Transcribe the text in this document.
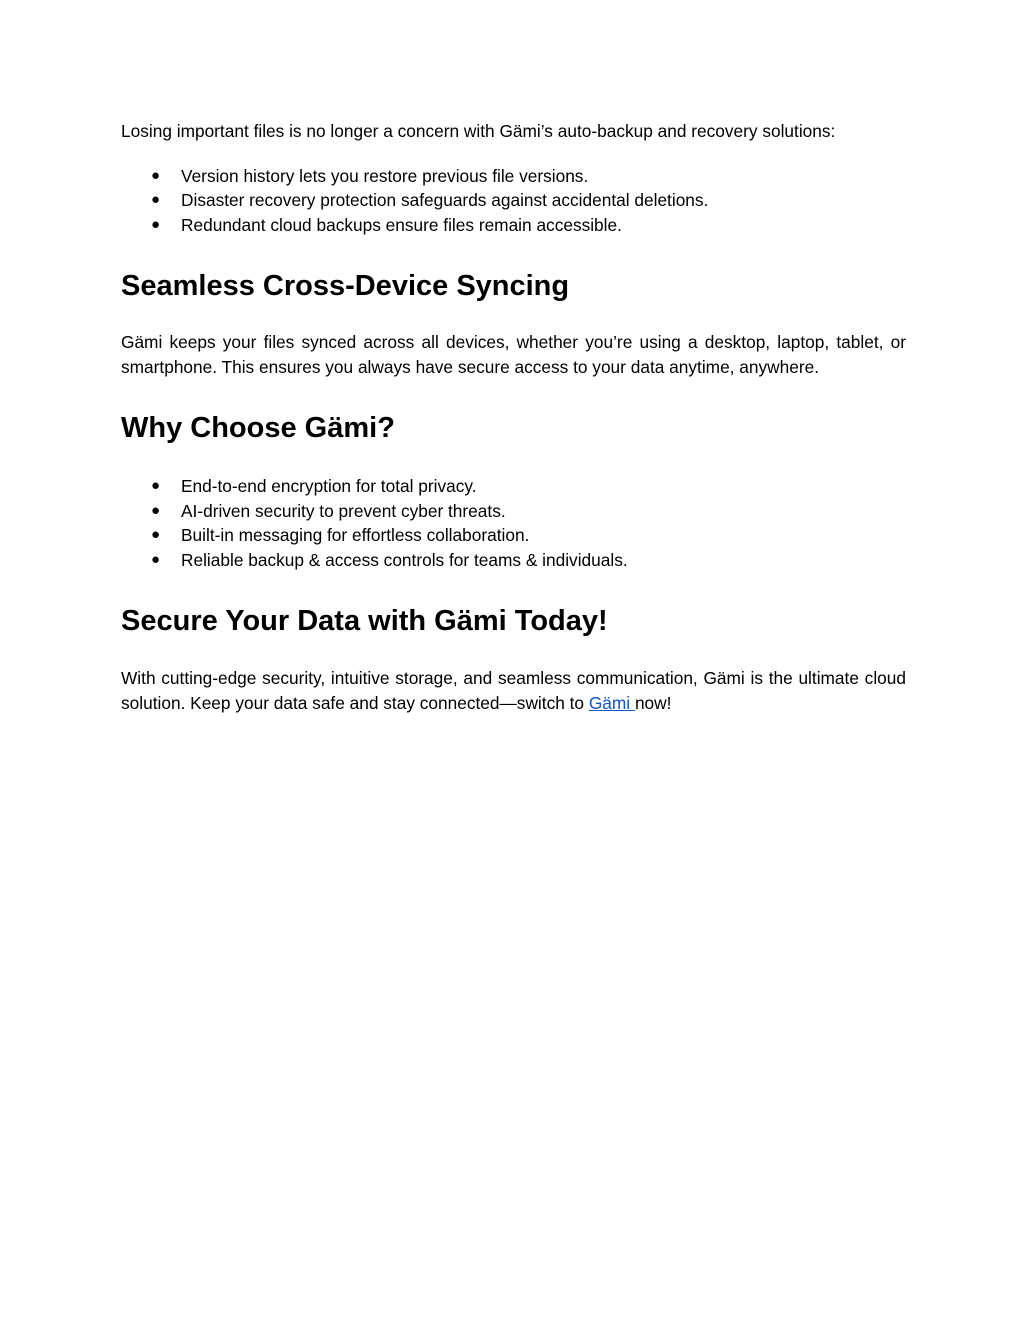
Losing important files is no longer a concern with Gämi’s auto-backup and recovery solutions:

● Version history lets you restore previous file versions.
● Disaster recovery protection safeguards against accidental deletions.
● Redundant cloud backups ensure files remain accessible.
Seamless Cross-Device Syncing

Gämi keeps your files synced across all devices, whether you’re using a desktop, laptop, tablet, or smartphone. This ensures you always have secure access to your data anytime, anywhere.

Why Choose Gämi?
● End-to-end encryption for total privacy.
● AI-driven security to prevent cyber threats.
● Built-in messaging for effortless collaboration.
● Reliable backup & access controls for teams & individuals.
Secure Your Data with Gämi Today!

With cutting-edge security, intuitive storage, and seamless communication, Gämi is the ultimate cloud solution. Keep your data safe and stay connected—switch to Gämi now!
